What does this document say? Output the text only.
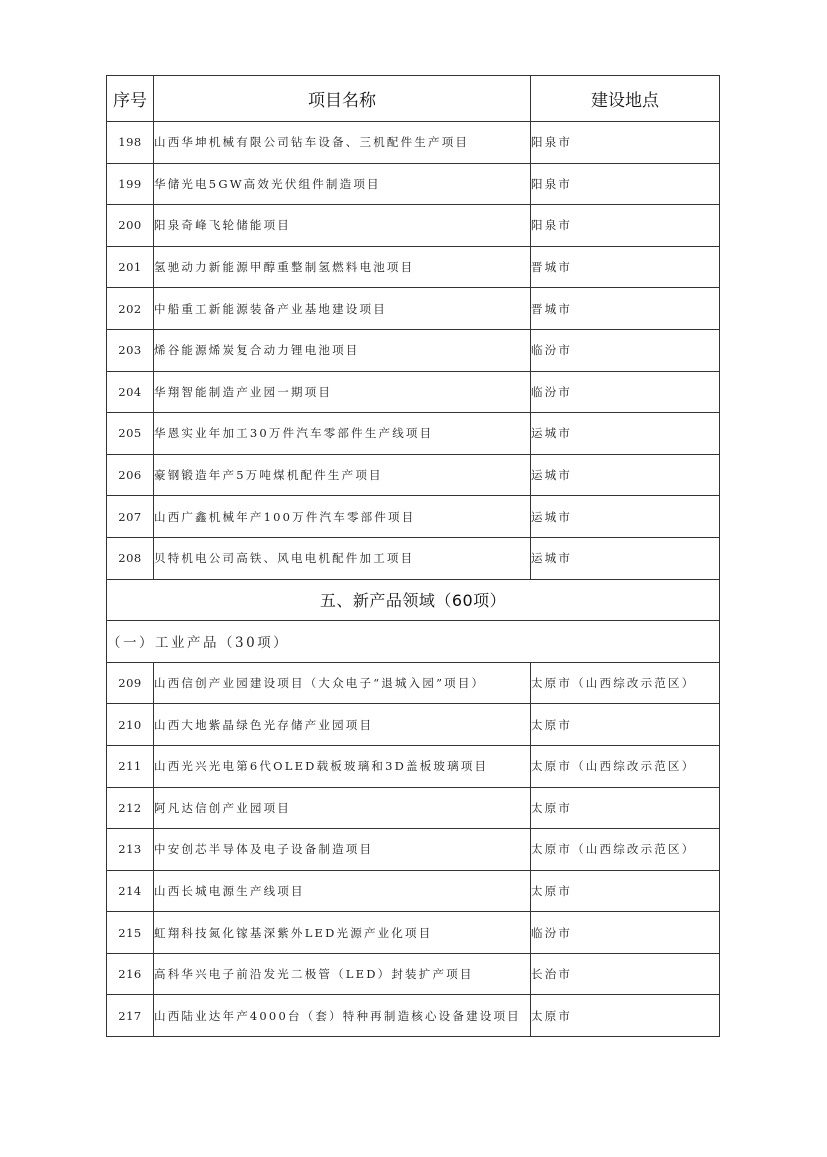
序号	项目名称	建设地点
198	山西华坤机械有限公司钻车设备、三机配件生产项目	阳泉市
199	华储光电5GW高效光伏组件制造项目	阳泉市
200	阳泉奇峰飞轮储能项目	阳泉市
201	氢驰动力新能源甲醇重整制氢燃料电池项目	晋城市
202	中船重工新能源装备产业基地建设项目	晋城市
203	烯谷能源烯炭复合动力锂电池项目	临汾市
204	华翔智能制造产业园一期项目	临汾市
205	华恩实业年加工30万件汽车零部件生产线项目	运城市
206	豪钢锻造年产5万吨煤机配件生产项目	运城市
207	山西广鑫机械年产100万件汽车零部件项目	运城市
208	贝特机电公司高铁、风电电机配件加工项目	运城市
五、新产品领域（60项）		
（一）工业产品（30项）		
209	山西信创产业园建设项目（大众电子“退城入园”项目）	太原市（山西综改示范区）
210	山西大地紫晶绿色光存储产业园项目	太原市
211	山西光兴光电第6代OLED载板玻璃和3D盖板玻璃项目	太原市（山西综改示范区）
212	阿凡达信创产业园项目	太原市
213	中安创芯半导体及电子设备制造项目	太原市（山西综改示范区）
214	山西长城电源生产线项目	太原市
215	虹翔科技氮化镓基深紫外LED光源产业化项目	临汾市
216	高科华兴电子前沿发光二极管（LED）封装扩产项目	长治市
217	山西陆业达年产4000台（套）特种再制造核心设备建设项目	太原市
